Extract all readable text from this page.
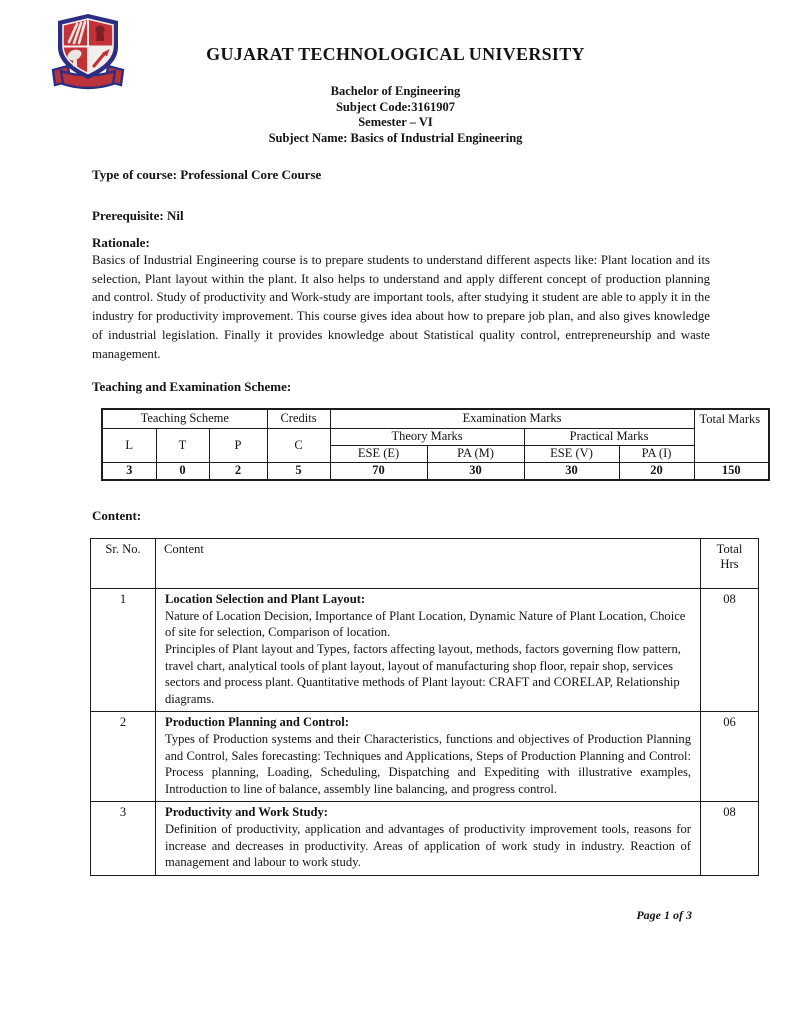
GUJARAT TECHNOLOGICAL UNIVERSITY
Bachelor of Engineering
Subject Code:3161907
Semester – VI
Subject Name: Basics of Industrial Engineering

Type of course: Professional Core Course

Prerequisite: Nil

Rationale:

Basics of Industrial Engineering course is to prepare students to understand different aspects like: Plant location and its selection, Plant layout within the plant. It also helps to understand and apply different concept of production planning and control. Study of productivity and Work-study are important tools, after studying it student are able to apply it in the industry for productivity improvement. This course gives idea about how to prepare job plan, and also gives knowledge of industrial legislation. Finally it provides knowledge about Statistical quality control, entrepreneurship and waste management.

Teaching and Examination Scheme:

Teaching Scheme			Credits	Examination Marks				Total Marks
L	T	P	C	Theory Marks		Practical Marks		
				ESE (E)	PA (M)	ESE (V)	PA (I)	
3	0	2	5	70	30	30	20	150

Content:

Sr. No.	Content	Total
Hrs

1	Location Selection and Plant Layout:

Nature of Location Decision, Importance of Plant Location, Dynamic Nature of Plant Location, Choice of site for selection, Comparison of location.

Principles of Plant layout and Types, factors affecting layout, methods, factors governing flow pattern, travel chart, analytical tools of plant layout, layout of manufacturing shop floor, repair shop, services sectors and process plant. Quantitative methods of Plant layout: CRAFT and CORELAP, Relationship diagrams.	08
2	Production Planning and Control:

Types of Production systems and their Characteristics, functions and objectives of Production Planning and Control, Sales forecasting: Techniques and Applications, Steps of Production Planning and Control: Process planning, Loading, Scheduling, Dispatching and Expediting with illustrative examples, Introduction to line of balance, assembly line balancing, and progress control.	06
3	Productivity and Work Study:

Definition of productivity, application and advantages of productivity improvement tools, reasons for increase and decreases in productivity. Areas of application of work study in industry. Reaction of management and labour to work study.	08
Page 1 of 3
